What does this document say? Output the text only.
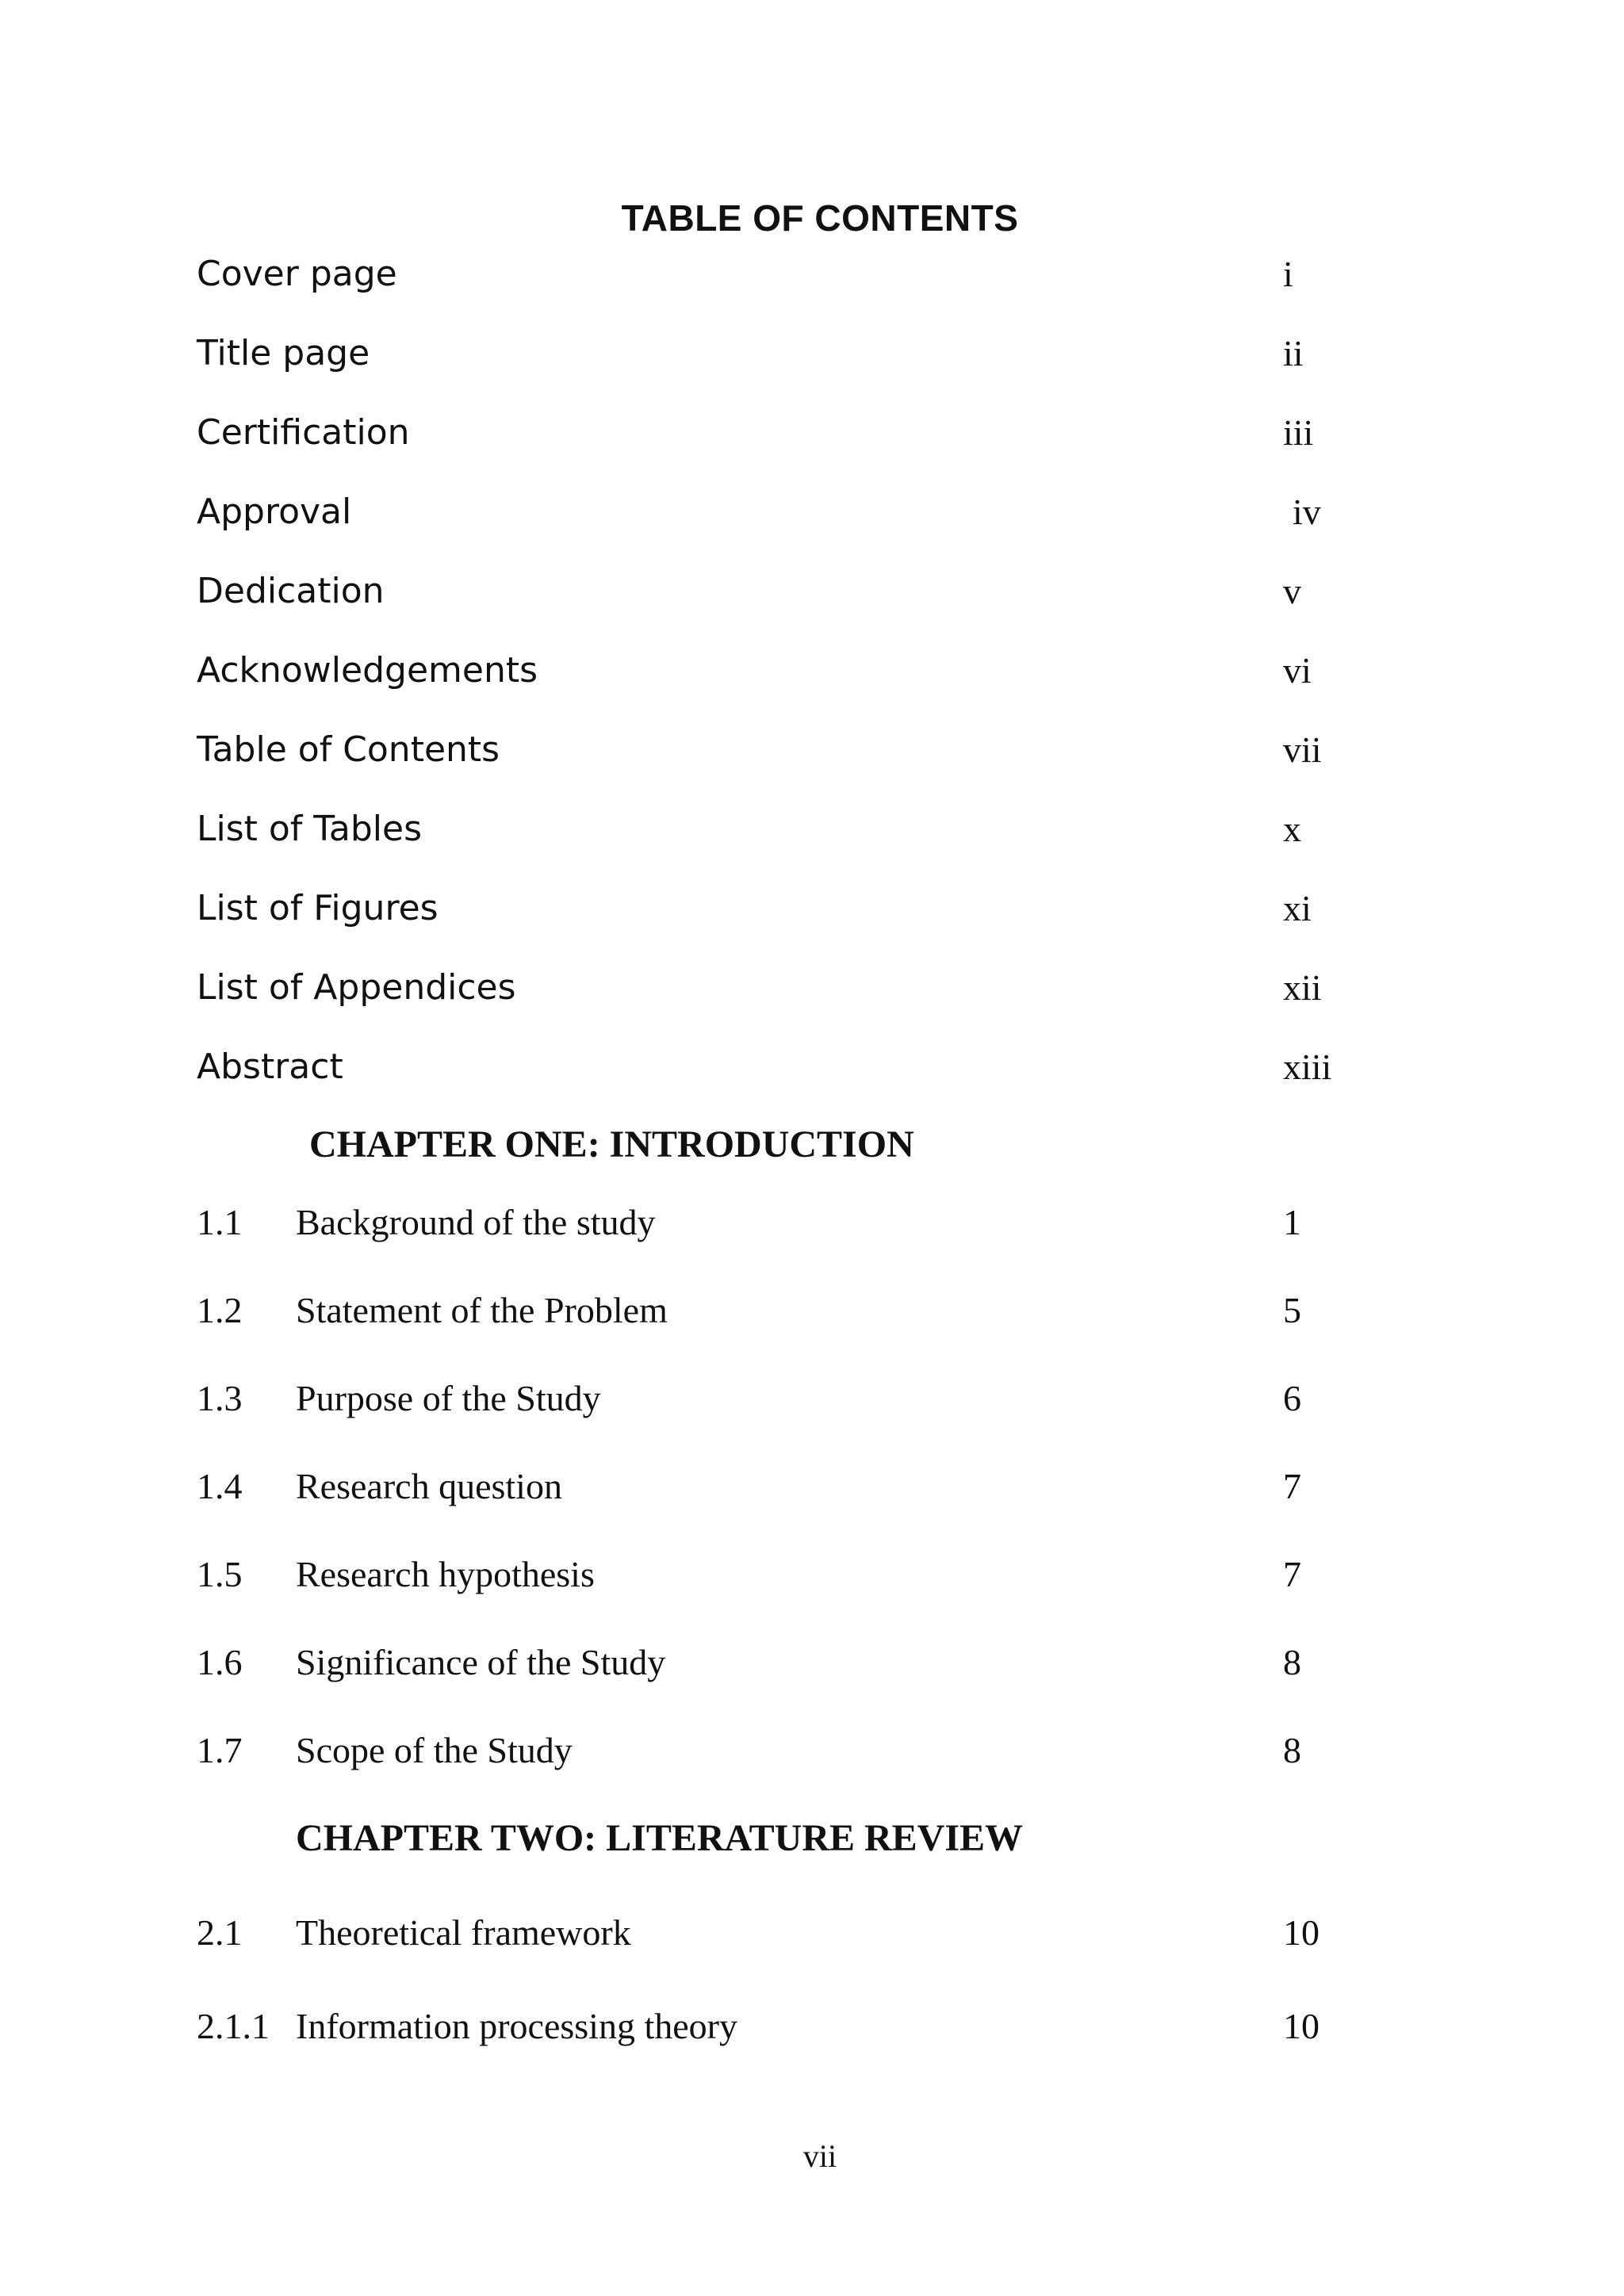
TABLE OF CONTENTS
Cover page	i
Title page	ii
Certification	iii
Approval	iv
Dedication	v
Acknowledgements	vi
Table of Contents	vii
List of Tables	x
List of Figures	xi
List of Appendices	xii
Abstract	xiii
CHAPTER ONE: INTRODUCTION
1.1 Background of the study	1
1.2 Statement of the Problem	5
1.3 Purpose of the Study	6
1.4 Research question	7
1.5 Research hypothesis	7
1.6 Significance of the Study	8
1.7 Scope of the Study	8
CHAPTER TWO: LITERATURE REVIEW
2.1 Theoretical framework	10
2.1.1 Information processing theory	10
vii
